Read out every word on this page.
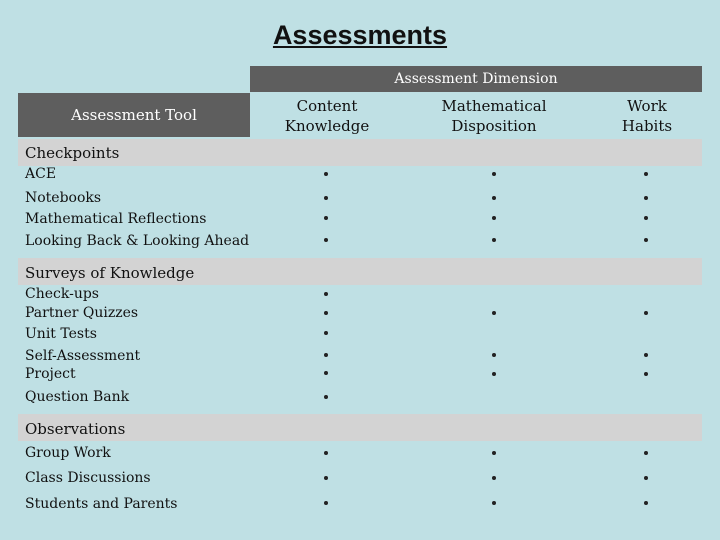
Assessments
Assessment Dimension
Assessment Tool	Content
Knowledge
Mathematical
Disposition
Work
Habits
Checkpoints
Surveys of Knowledge
Observations
ACE
Notebooks
Mathematical Reflections
Looking Back & Looking Ahead
Check-ups
Partner Quizzes
Unit Tests
Self-Assessment
Project
Question Bank
Group Work
Class Discussions
Students and Parents
